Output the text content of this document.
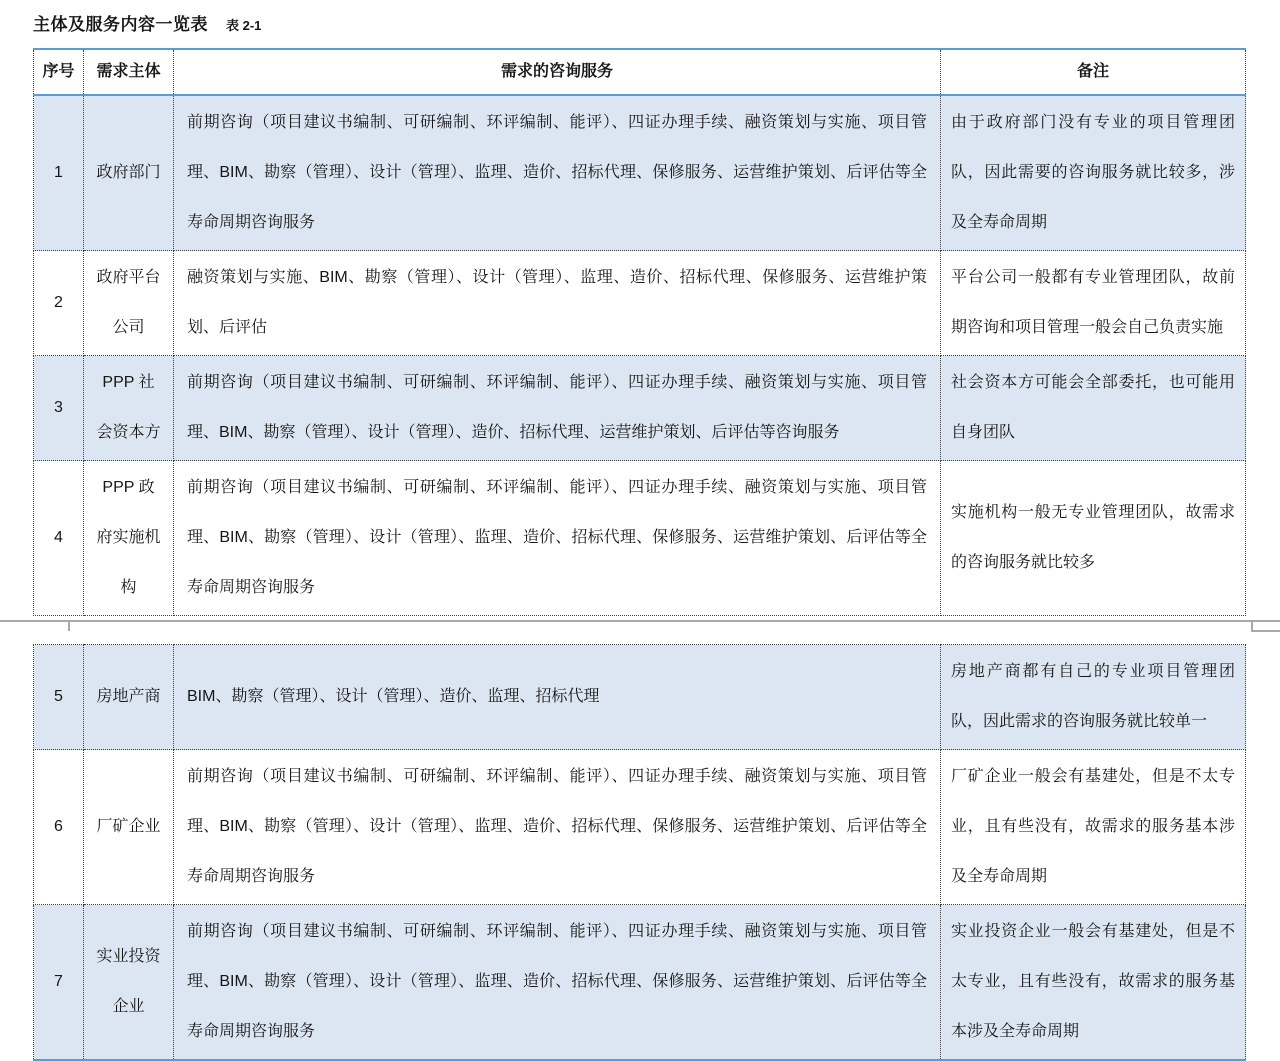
主体及服务内容一览表 表 2-1
序号	需求主体	需求的咨询服务	备注
1	政府部门	前期咨询（项目建议书编制、可研编制、环评编制、能评）、四证办理手续、融资策划与实施、项目管理、BIM、勘察（管理）、设计（管理）、监理、造价、招标代理、保修服务、运营维护策划、后评估等全寿命周期咨询服务	由于政府部门没有专业的项目管理团队，因此需要的咨询服务就比较多，涉及全寿命周期
2	政府平台公司	融资策划与实施、BIM、勘察（管理）、设计（管理）、监理、造价、招标代理、保修服务、运营维护策划、后评估	平台公司一般都有专业管理团队，故前期咨询和项目管理一般会自己负责实施
3	PPP 社会资本方	前期咨询（项目建议书编制、可研编制、环评编制、能评）、四证办理手续、融资策划与实施、项目管理、BIM、勘察（管理）、设计（管理）、造价、招标代理、运营维护策划、后评估等咨询服务	社会资本方可能会全部委托，也可能用自身团队
4	PPP 政府实施机构	前期咨询（项目建议书编制、可研编制、环评编制、能评）、四证办理手续、融资策划与实施、项目管理、BIM、勘察（管理）、设计（管理）、监理、造价、招标代理、保修服务、运营维护策划、后评估等全寿命周期咨询服务	实施机构一般无专业管理团队，故需求的咨询服务就比较多
5	房地产商	BIM、勘察（管理）、设计（管理）、造价、监理、招标代理	房地产商都有自己的专业项目管理团队，因此需求的咨询服务就比较单一
6	厂矿企业	前期咨询（项目建议书编制、可研编制、环评编制、能评）、四证办理手续、融资策划与实施、项目管理、BIM、勘察（管理）、设计（管理）、监理、造价、招标代理、保修服务、运营维护策划、后评估等全寿命周期咨询服务	厂矿企业一般会有基建处，但是不太专业，且有些没有，故需求的服务基本涉及全寿命周期
7	实业投资企业	前期咨询（项目建议书编制、可研编制、环评编制、能评）、四证办理手续、融资策划与实施、项目管理、BIM、勘察（管理）、设计（管理）、监理、造价、招标代理、保修服务、运营维护策划、后评估等全寿命周期咨询服务	实业投资企业一般会有基建处，但是不太专业，且有些没有，故需求的服务基本涉及全寿命周期
